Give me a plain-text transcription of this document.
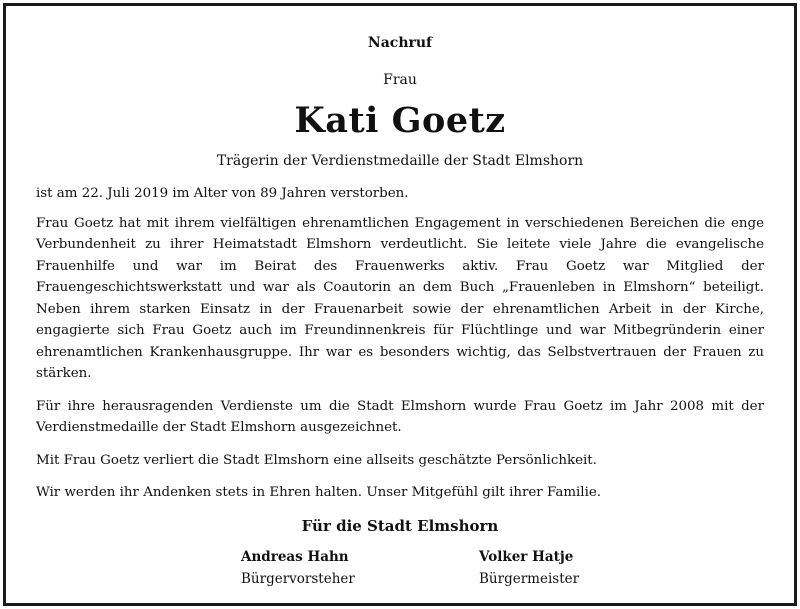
Nachruf
Frau
Kati Goetz
Trägerin der Verdienstmedaille der Stadt Elmshorn

ist am 22. Juli 2019 im Alter von 89 Jahren verstorben.

Frau Goetz hat mit ihrem vielfältigen ehrenamtlichen Engagement in verschiedenen Bereichen die enge Verbundenheit zu ihrer Heimatstadt Elmshorn verdeutlicht. Sie leitete viele Jahre die evangelische Frauenhilfe und war im Beirat des Frauenwerks aktiv. Frau Goetz war Mitglied der Frauengeschichtswerkstatt und war als Coautorin an dem Buch „Frauenleben in Elmshorn“ beteiligt. Neben ihrem starken Einsatz in der Frauenarbeit sowie der ehrenamtlichen Arbeit in der Kirche, engagierte sich Frau Goetz auch im Freundinnenkreis für Flüchtlinge und war Mitbegründerin einer ehrenamtlichen Krankenhausgruppe. Ihr war es besonders wichtig, das Selbstvertrauen der Frauen zu stärken.

Für ihre herausragenden Verdienste um die Stadt Elmshorn wurde Frau Goetz im Jahr 2008 mit der Verdienstmedaille der Stadt Elmshorn ausgezeichnet.

Mit Frau Goetz verliert die Stadt Elmshorn eine allseits geschätzte Persönlichkeit.

Wir werden ihr Andenken stets in Ehren halten. Unser Mitgefühl gilt ihrer Familie.

Für die Stadt Elmshorn
Andreas Hahn
Bürgervorsteher
Volker Hatje
Bürgermeister
